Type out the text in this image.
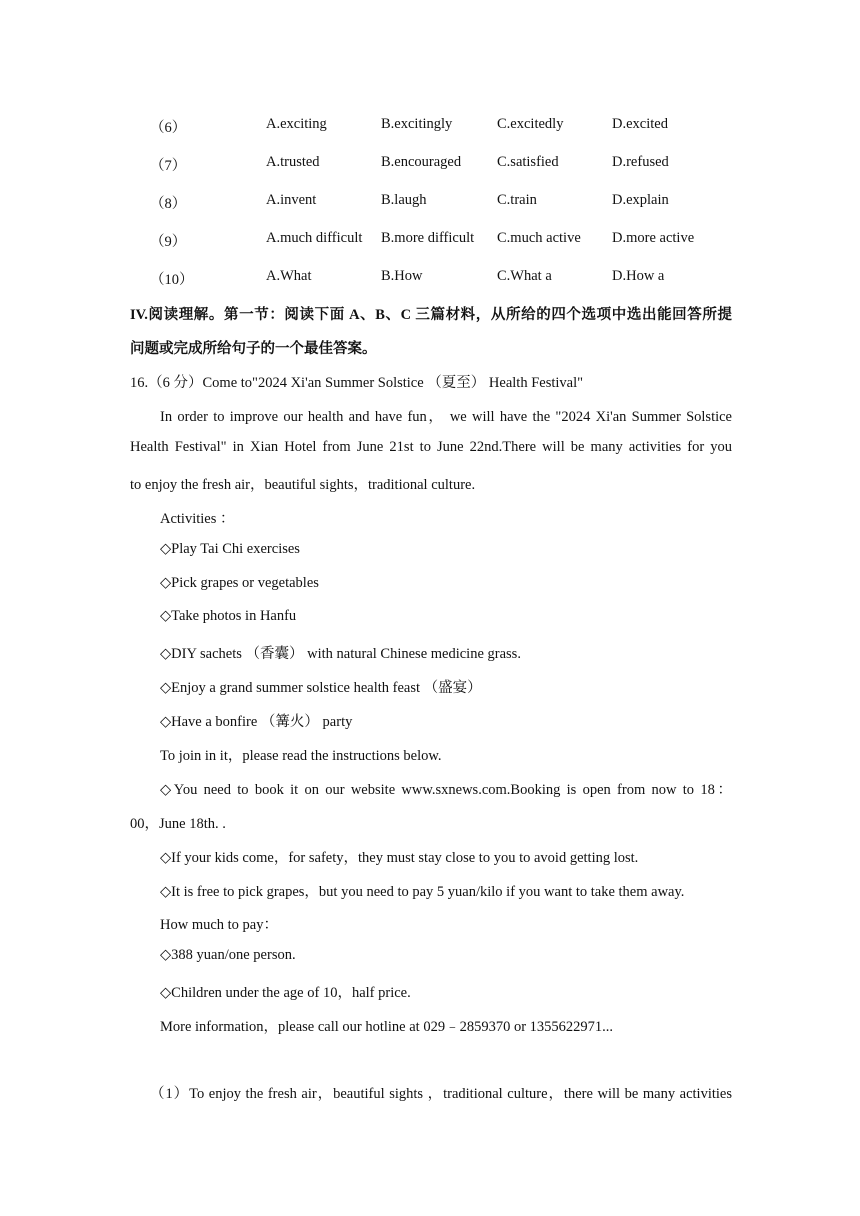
（6）	A.exciting	B.excitingly	C.excitedly	D.excited
（7）	A.trusted	B.encouraged C.satisfied	D.refused
（8）	A.invent	B.laugh	C.train	D.explain
（9）	A.much difficult B.more difficult C.much active D.more active
（10）	A.What	B.How	C.What a	D.How a
IV.阅读理解。第一节：阅读下面 A、B、C 三篇材料，从所给的四个选项中选出能回答所提
问题或完成所给句子的一个最佳答案。
16.（6 分）Come to"2024 Xi'an Summer Solstice （夏至） Health Festival"
In order to improve our health and have fun， we will have the "2024 Xi'an Summer Solstice
Health Festival" in Xian Hotel from June 21st to June 22nd.There will be many activities for you
to enjoy the fresh air，beautiful sights，traditional culture.
Activities ：
◇Play Tai Chi exercises
◇Pick grapes or vegetables
◇Take photos in Hanfu
◇DIY sachets （香囊） with natural Chinese medicine grass.
◇Enjoy a grand summer solstice health feast （盛宴）
◇Have a bonfire （篝火） party
To join in it，please read the instructions below.
◇You need to book it on our website www.sxnews.com.Booking is open from now to 18：
00，June 18th. .
◇If your kids come，for safety，they must stay close to you to avoid getting lost.
◇It is free to pick grapes，but you need to pay 5 yuan/kilo if you want to take them away.
How much to pay：
◇388 yuan/one person.
◇Children under the age of 10，half price.
More information，please call our hotline at 029﹣2859370 or 1355622971...
（1）To enjoy the fresh air，beautiful sights ，traditional culture，there will be many activities
